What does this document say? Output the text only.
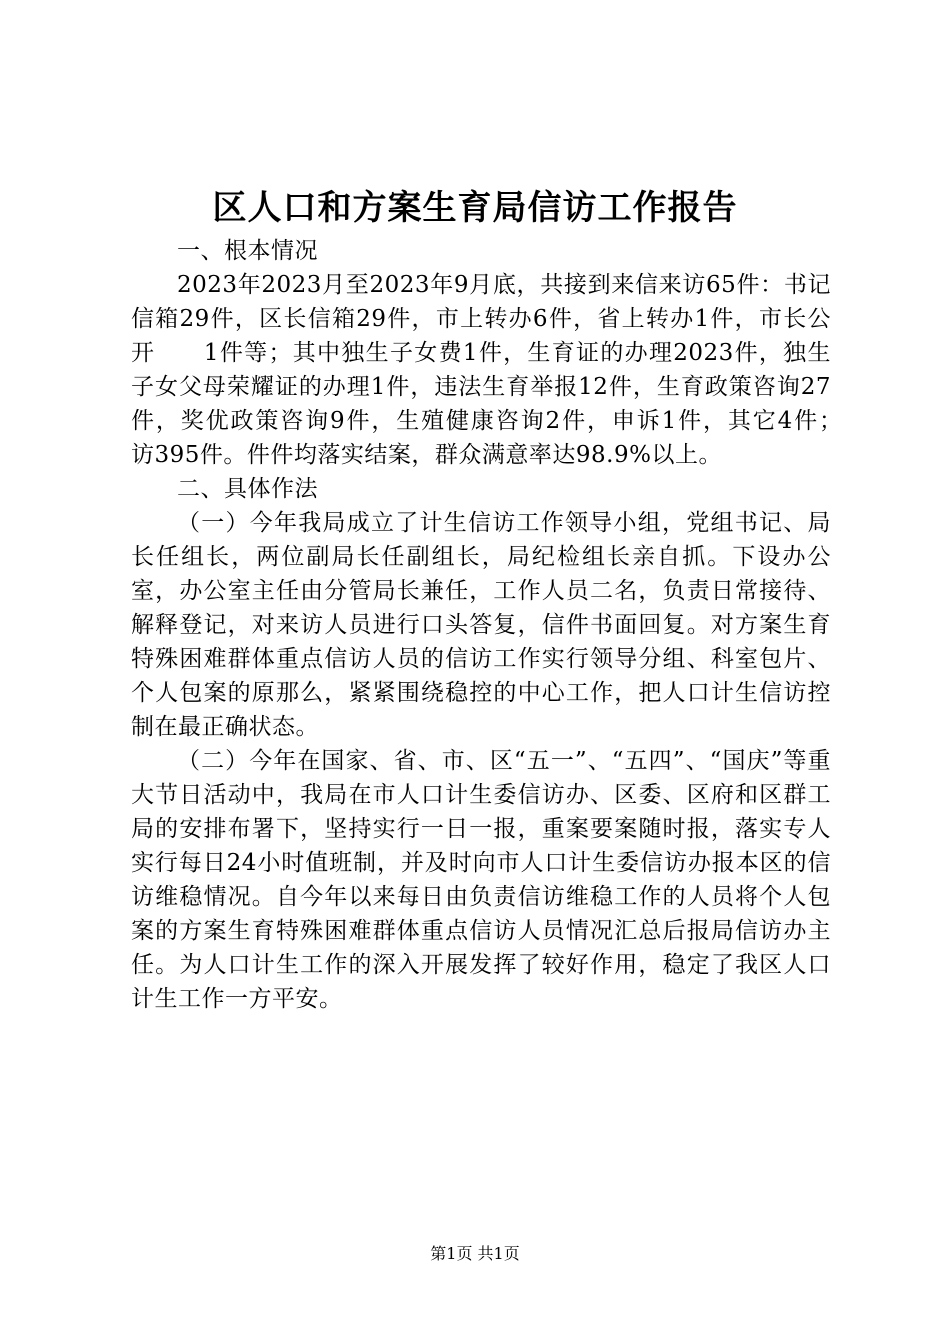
区人口和方案生育局信访工作报告

一、根本情况

2023年2023月至2023年9月底，共接到来信来访65件：书记信箱29件，区长信箱29件，市上转办6件，省上转办1件，市长公开　　1件等；其中独生子女费1件，生育证的办理2023件，独生子女父母荣耀证的办理1件，违法生育举报12件，生育政策咨询27件，奖优政策咨询9件，生殖健康咨询2件，申诉1件，其它4件；　　访395件。件件均落实结案，群众满意率达98.9%以上。

二、具体作法

（一）今年我局成立了计生信访工作领导小组，党组书记、局长任组长，两位副局长任副组长，局纪检组长亲自抓。下设办公室，办公室主任由分管局长兼任，工作人员二名，负责日常接待、解释登记，对来访人员进行口头答复，信件书面回复。对方案生育特殊困难群体重点信访人员的信访工作实行领导分组、科室包片、个人包案的原那么，紧紧围绕稳控的中心工作，把人口计生信访控制在最正确状态。

（二）今年在国家、省、市、区“五一”、“五四”、“国庆”等重大节日活动中，我局在市人口计生委信访办、区委、区府和区群工局的安排布署下，坚持实行一日一报，重案要案随时报，落实专人实行每日24小时值班制，并及时向市人口计生委信访办报本区的信访维稳情况。自今年以来每日由负责信访维稳工作的人员将个人包案的方案生育特殊困难群体重点信访人员情况汇总后报局信访办主任。为人口计生工作的深入开展发挥了较好作用，稳定了我区人口计生工作一方平安。

第1页 共1页
